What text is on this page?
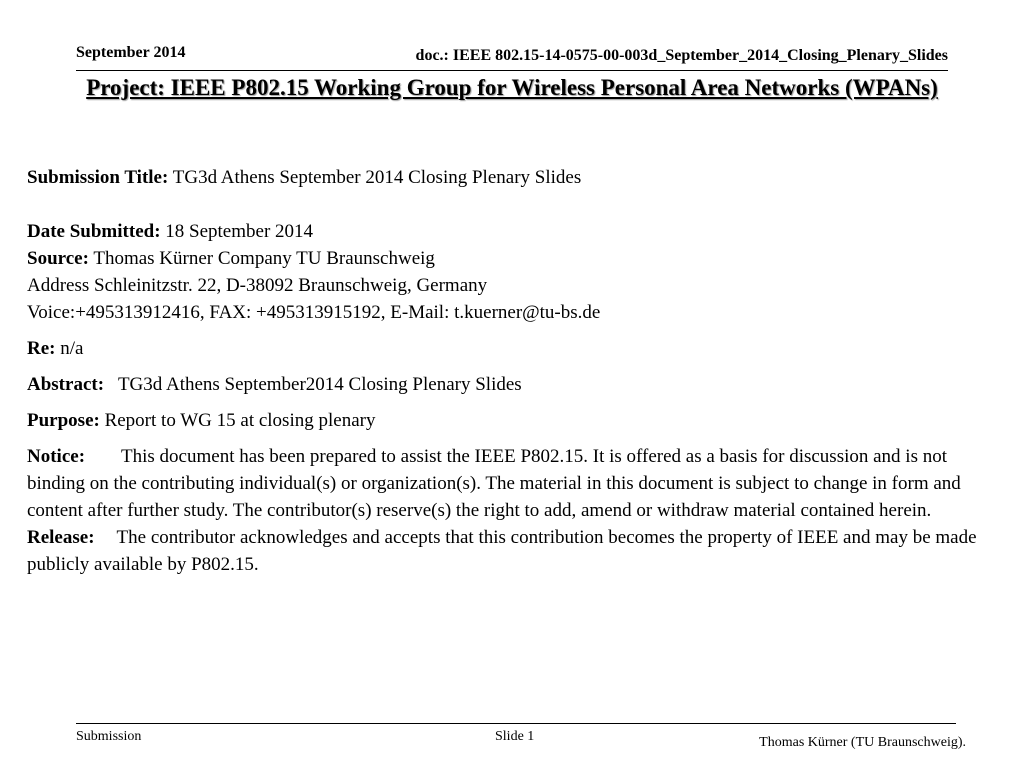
September 2014	doc.: IEEE 802.15-14-0575-00-003d_September_2014_Closing_Plenary_Slides
Project: IEEE P802.15 Working Group for Wireless Personal Area Networks (WPANs)

Submission Title: TG3d Athens September 2014 Closing Plenary Slides

Date Submitted: 18 September 2014

Source: Thomas Kürner Company TU Braunschweig

Address Schleinitzstr. 22, D-38092 Braunschweig, Germany

Voice:+495313912416, FAX: +495313915192, E-Mail: t.kuerner@tu-bs.de

Re: n/a

Abstract: TG3d Athens September2014 Closing Plenary Slides

Purpose: Report to WG 15 at closing plenary

Notice: This document has been prepared to assist the IEEE P802.15. It is offered as a basis for discussion and is not binding on the contributing individual(s) or organization(s). The material in this document is subject to change in form and content after further study. The contributor(s) reserve(s) the right to add, amend or withdraw material contained herein.

Release: The contributor acknowledges and accepts that this contribution becomes the property of IEEE and may be made publicly available by P802.15.

Submission	Slide 1	Thomas Kürner (TU Braunschweig).
